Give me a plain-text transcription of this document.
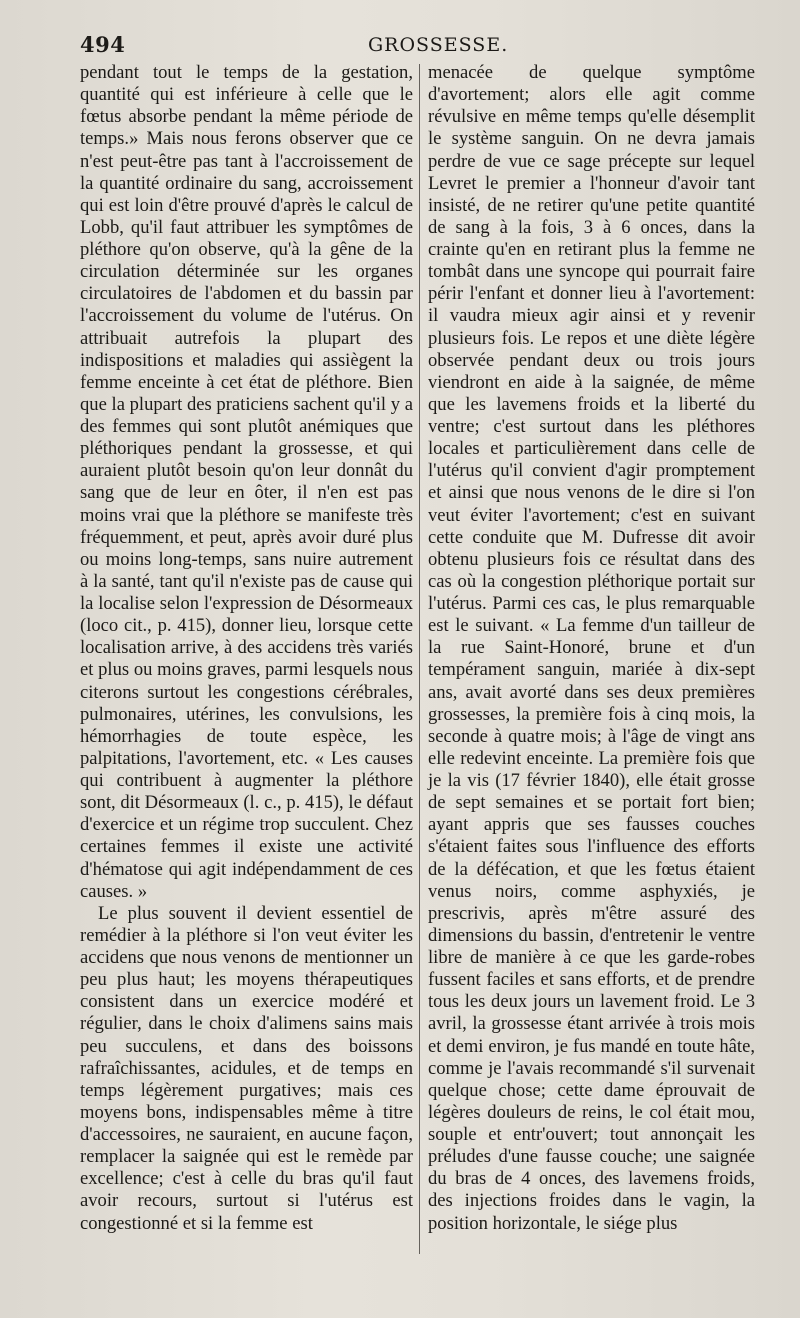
494	GROSSESSE.

pendant tout le temps de la gestation, quantité qui est inférieure à celle que le fœtus absorbe pendant la même période de temps.» Mais nous ferons observer que ce n'est peut-être pas tant à l'accroissement de la quantité ordinaire du sang, accroissement qui est loin d'être prouvé d'après le calcul de Lobb, qu'il faut attribuer les symptômes de pléthore qu'on observe, qu'à la gêne de la circulation déterminée sur les organes circulatoires de l'abdomen et du bassin par l'accroissement du volume de l'utérus. On attribuait autrefois la plupart des indispositions et maladies qui assiègent la femme enceinte à cet état de pléthore. Bien que la plupart des praticiens sachent qu'il y a des femmes qui sont plutôt anémiques que pléthoriques pendant la grossesse, et qui auraient plutôt besoin qu'on leur donnât du sang que de leur en ôter, il n'en est pas moins vrai que la pléthore se manifeste très fréquemment, et peut, après avoir duré plus ou moins long-temps, sans nuire autrement à la santé, tant qu'il n'existe pas de cause qui la localise selon l'expression de Désormeaux (loco cit., p. 415), donner lieu, lorsque cette localisation arrive, à des accidens très variés et plus ou moins graves, parmi lesquels nous citerons surtout les congestions cérébrales, pulmonaires, utérines, les convulsions, les hémorrhagies de toute espèce, les palpitations, l'avortement, etc. « Les causes qui contribuent à augmenter la pléthore sont, dit Désormeaux (l. c., p. 415), le défaut d'exercice et un régime trop succulent. Chez certaines femmes il existe une activité d'hématose qui agit indépendamment de ces causes. »

Le plus souvent il devient essentiel de remédier à la pléthore si l'on veut éviter les accidens que nous venons de mentionner un peu plus haut; les moyens thérapeutiques consistent dans un exercice modéré et régulier, dans le choix d'alimens sains mais peu succulens, et dans des boissons rafraîchissantes, acidules, et de temps en temps légèrement purgatives; mais ces moyens bons, indispensables même à titre d'accessoires, ne sauraient, en aucune façon, remplacer la saignée qui est le remède par excellence; c'est à celle du bras qu'il faut avoir recours, surtout si l'utérus est congestionné et si la femme est

menacée de quelque symptôme d'avortement; alors elle agit comme révulsive en même temps qu'elle désemplit le système sanguin. On ne devra jamais perdre de vue ce sage précepte sur lequel Levret le premier a l'honneur d'avoir tant insisté, de ne retirer qu'une petite quantité de sang à la fois, 3 à 6 onces, dans la crainte qu'en en retirant plus la femme ne tombât dans une syncope qui pourrait faire périr l'enfant et donner lieu à l'avortement: il vaudra mieux agir ainsi et y revenir plusieurs fois. Le repos et une diète légère observée pendant deux ou trois jours viendront en aide à la saignée, de même que les lavemens froids et la liberté du ventre; c'est surtout dans les pléthores locales et particulièrement dans celle de l'utérus qu'il convient d'agir promptement et ainsi que nous venons de le dire si l'on veut éviter l'avortement; c'est en suivant cette conduite que M. Dufresse dit avoir obtenu plusieurs fois ce résultat dans des cas où la congestion pléthorique portait sur l'utérus. Parmi ces cas, le plus remarquable est le suivant. « La femme d'un tailleur de la rue Saint-Honoré, brune et d'un tempérament sanguin, mariée à dix-sept ans, avait avorté dans ses deux premières grossesses, la première fois à cinq mois, la seconde à quatre mois; à l'âge de vingt ans elle redevint enceinte. La première fois que je la vis (17 février 1840), elle était grosse de sept semaines et se portait fort bien; ayant appris que ses fausses couches s'étaient faites sous l'influence des efforts de la défécation, et que les fœtus étaient venus noirs, comme asphyxiés, je prescrivis, après m'être assuré des dimensions du bassin, d'entretenir le ventre libre de manière à ce que les garde-robes fussent faciles et sans efforts, et de prendre tous les deux jours un lavement froid. Le 3 avril, la grossesse étant arrivée à trois mois et demi environ, je fus mandé en toute hâte, comme je l'avais recommandé s'il survenait quelque chose; cette dame éprouvait de légères douleurs de reins, le col était mou, souple et entr'ouvert; tout annonçait les préludes d'une fausse couche; une saignée du bras de 4 onces, des lavemens froids, des injections froides dans le vagin, la position horizontale, le siége plus
